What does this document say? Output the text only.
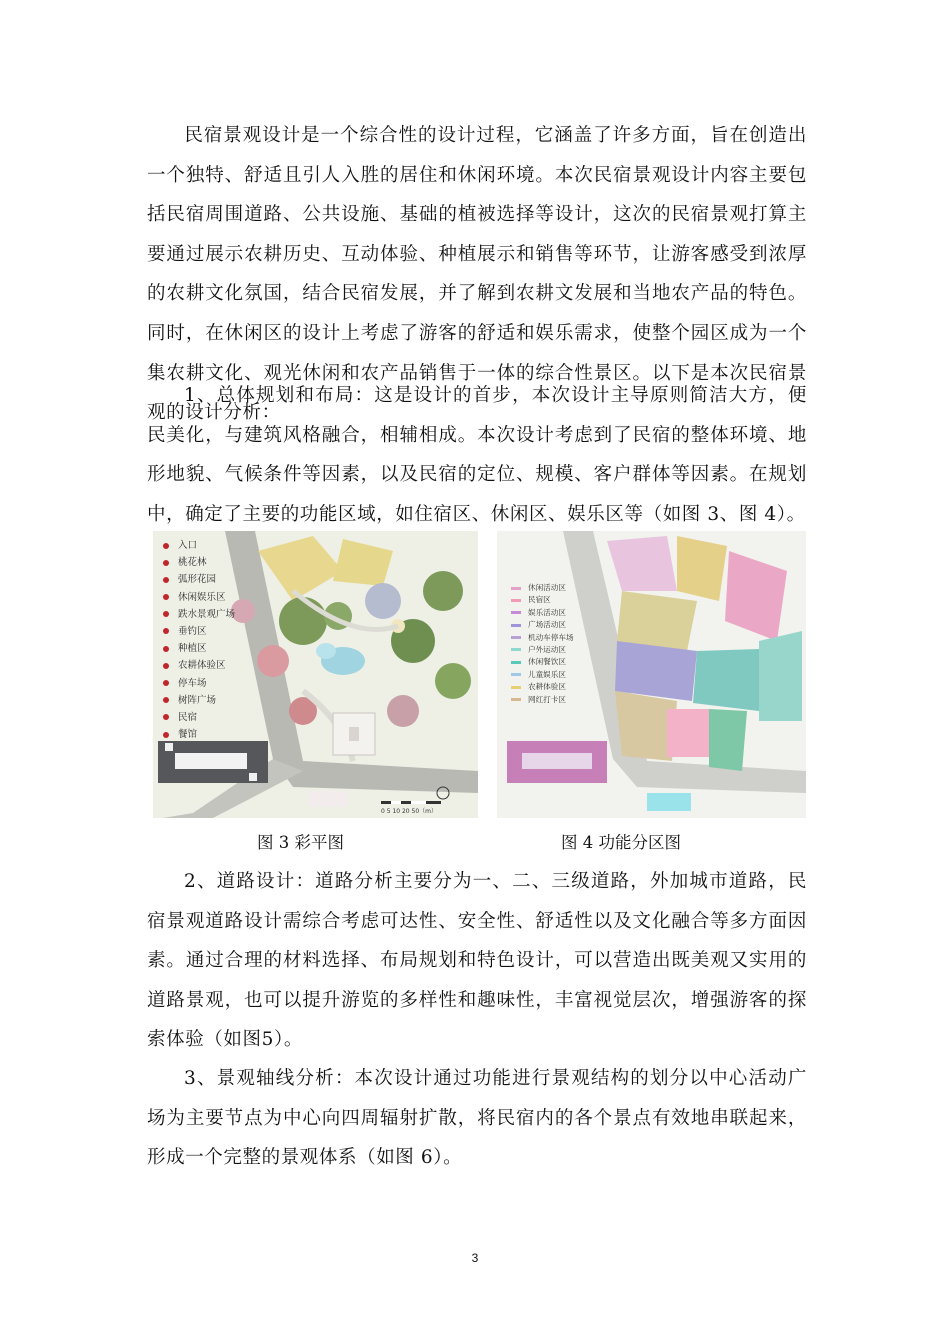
民宿景观设计是一个综合性的设计过程，它涵盖了许多方面，旨在创造出一个独特、舒适且引人入胜的居住和休闲环境。本次民宿景观设计内容主要包括民宿周围道路、公共设施、基础的植被选择等设计，这次的民宿景观打算主要通过展示农耕历史、互动体验、种植展示和销售等环节，让游客感受到浓厚的农耕文化氛国，结合民宿发展，并了解到农耕文发展和当地农产品的特色。同时，在休闲区的设计上考虑了游客的舒适和娱乐需求，使整个园区成为一个集农耕文化、观光休闲和农产品销售于一体的综合性景区。以下是本次民宿景观的设计分析：

1、总体规划和布局：这是设计的首步，本次设计主导原则简洁大方，便民美化，与建筑风格融合，相辅相成。本次设计考虑到了民宿的整体环境、地形地貌、气候条件等因素，以及民宿的定位、规模、客户群体等因素。在规划中，确定了主要的功能区域，如住宿区、休闲区、娱乐区等（如图 3、图 4）。

入口
桃花林
弧形花园
休闲娱乐区
跌水景观广场
垂钓区
种植区
农耕体验区
停车场
树阵广场
民宿
餐馆
0 5 10 20 50（m）
休闲活动区
民宿区
娱乐活动区
广场活动区
机动车停车场
户外运动区
休闲餐饮区
儿童娱乐区
农耕体验区
网红打卡区
图 3 彩平图	图 4 功能分区图

2、道路设计：道路分析主要分为一、二、三级道路，外加城市道路，民宿景观道路设计需综合考虑可达性、安全性、舒适性以及文化融合等多方面因素。通过合理的材料选择、布局规划和特色设计，可以营造出既美观又实用的道路景观，也可以提升游览的多样性和趣味性，丰富视觉层次，增强游客的探索体验（如图5）。

3、景观轴线分析：本次设计通过功能进行景观结构的划分以中心活动广场为主要节点为中心向四周辐射扩散，将民宿内的各个景点有效地串联起来，形成一个完整的景观体系（如图 6）。

3
